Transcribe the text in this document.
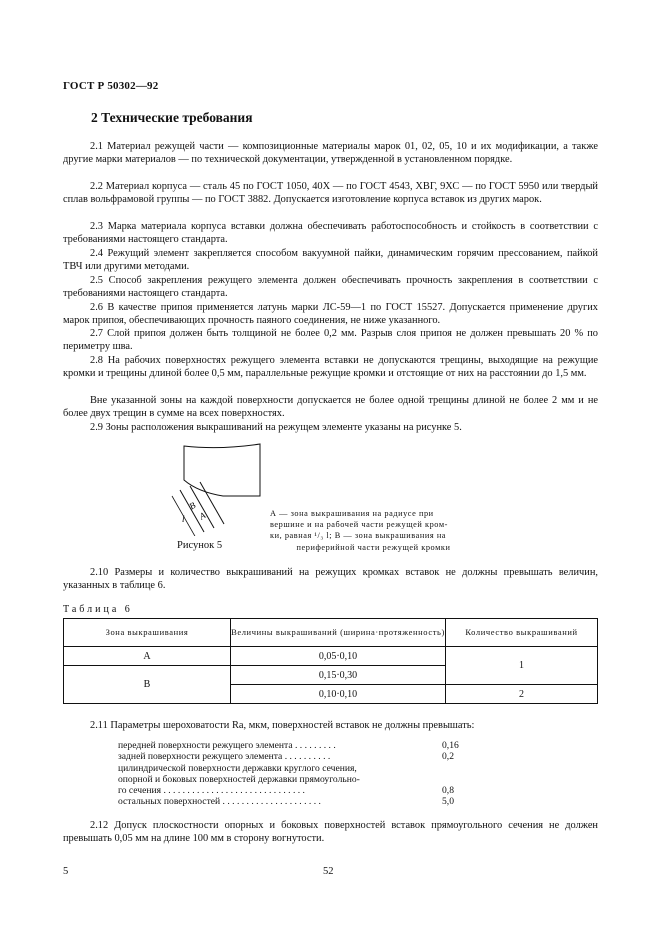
ГОСТ Р 50302—92
2 Технические требования
2.1 Материал режущей части — композиционные материалы марок 01, 02, 05, 10 и их модификации, а также другие марки материалов — по технической документации, утвержденной в установленном порядке.
2.2 Материал корпуса — сталь 45 по ГОСТ 1050, 40Х — по ГОСТ 4543, ХВГ, 9ХС — по ГОСТ 5950 или твердый сплав вольфрамовой группы — по ГОСТ 3882. Допускается изготовление корпуса вставок из других марок.
2.3 Марка материала корпуса вставки должна обеспечивать работоспособность и стойкость в соответствии с требованиями настоящего стандарта.
2.4 Режущий элемент закрепляется способом вакуумной пайки, динамическим горячим прессованием, пайкой ТВЧ или другими методами.
2.5 Способ закрепления режущего элемента должен обеспечивать прочность закрепления в соответствии с требованиями настоящего стандарта.
2.6 В качестве припоя применяется латунь марки ЛС-59—1 по ГОСТ 15527. Допускается применение других марок припоя, обеспечивающих прочность паяного соединения, не ниже указанного.
2.7 Слой припоя должен быть толщиной не более 0,2 мм. Разрыв слоя припоя не должен превышать 20 % по периметру шва.
2.8 На рабочих поверхностях режущего элемента вставки не допускаются трещины, выходящие на режущие кромки и трещины длиной более 0,5 мм, параллельные режущие кромки и отстоящие от них на расстоянии до 1,5 мм.
Вне указанной зоны на каждой поверхности допускается не более одной трещины длиной не более 2 мм и не более двух трещин в сумме на всех поверхностях.
2.9 Зоны расположения выкрашиваний на режущем элементе указаны на рисунке 5.
В
А
l
Рисунок 5
А — зона выкрашивания на радиусе при
вершине и на рабочей части режущей кром-
ки, равная ¹/₃ l; В — зона выкрашивания на
периферийной части режущей кромки
2.10 Размеры и количество выкрашиваний на режущих кромках вставок не должны превышать величин, указанных в таблице 6.
Таблица 6
Зона выкрашивания	Величины выкрашиваний (ширина·протяженность)	Количество выкрашиваний
А	0,05·0,10	1
В	0,15·0,30	
	0,10·0,10	2
2.11 Параметры шероховатости Rа, мкм, поверхностей вставок не должны превышать:
передней поверхности режущего элемента . . . . . . . . .	0,16
задней поверхности режущего элемента . . . . . . . . . .	0,2
цилиндрической поверхности державки круглого сечения,
опорной и боковых поверхностей державки прямоугольно-
го сечения . . . . . . . . . . . . . . . . . . . . . . . . . . . . . .	0,8
остальных поверхностей . . . . . . . . . . . . . . . . . . . . .	5,0
2.12 Допуск плоскостности опорных и боковых поверхностей вставок прямоугольного сечения не должен превышать 0,05 мм на длине 100 мм в сторону вогнутости.
5	52
